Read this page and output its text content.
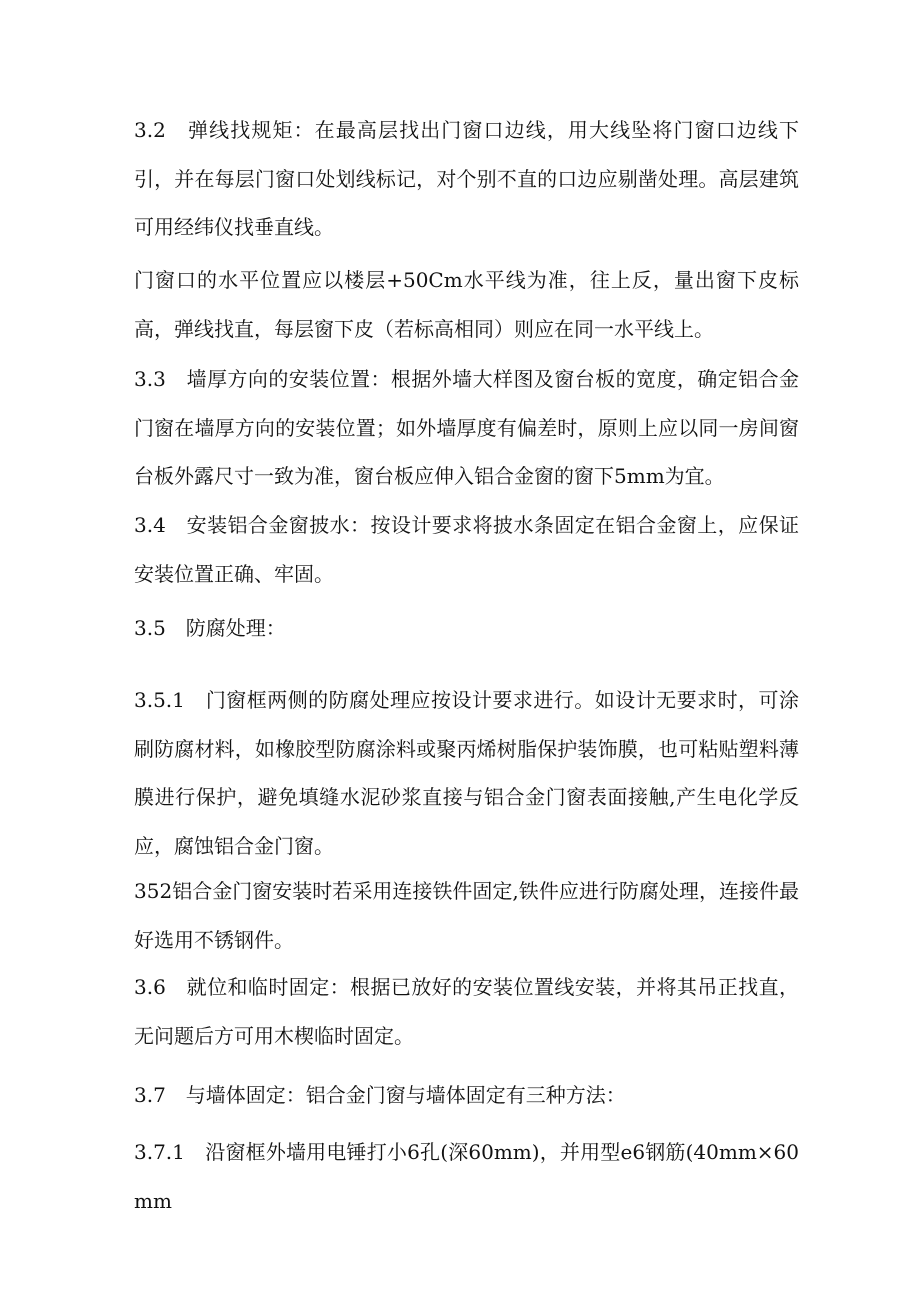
3.2　弹线找规矩：在最高层找出门窗口边线，用大线坠将门窗口边线下引，并在每层门窗口处划线标记，对个别不直的口边应剔凿处理。高层建筑可用经纬仪找垂直线。

门窗口的水平位置应以楼层+50Cm水平线为准，往上反，量出窗下皮标高，弹线找直，每层窗下皮（若标高相同）则应在同一水平线上。

3.3　墙厚方向的安装位置：根据外墙大样图及窗台板的宽度，确定铝合金门窗在墙厚方向的安装位置；如外墙厚度有偏差时，原则上应以同一房间窗台板外露尺寸一致为准，窗台板应伸入铝合金窗的窗下5mm为宜。

3.4　安装铝合金窗披水：按设计要求将披水条固定在铝合金窗上，应保证安装位置正确、牢固。

3.5　防腐处理：

3.5.1　门窗框两侧的防腐处理应按设计要求进行。如设计无要求时，可涂刷防腐材料，如橡胶型防腐涂料或聚丙烯树脂保护装饰膜，也可粘贴塑料薄膜进行保护，避免填缝水泥砂浆直接与铝合金门窗表面接触,产生电化学反应，腐蚀铝合金门窗。

352铝合金门窗安装时若采用连接铁件固定,铁件应进行防腐处理，连接件最好选用不锈钢件。

3.6　就位和临时固定：根据已放好的安装位置线安装，并将其吊正找直，无问题后方可用木楔临时固定。

3.7　与墙体固定：铝合金门窗与墙体固定有三种方法：

3.7.1　沿窗框外墙用电锤打小6孔(深60mm)，并用型e6钢筋(40mm×60mm
